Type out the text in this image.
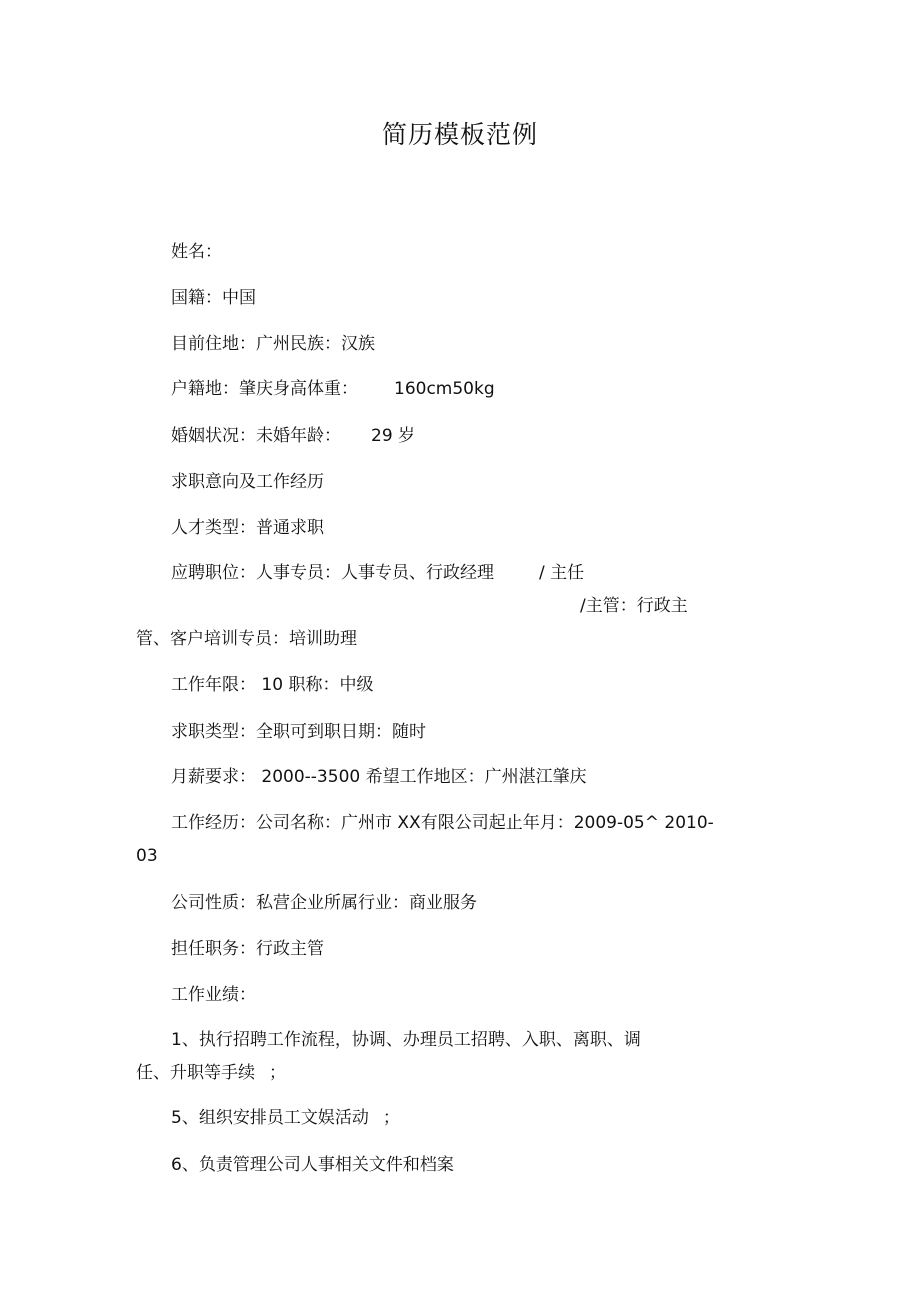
简历模板范例

姓名：

国籍：中国

目前住地：广州民族：汉族

户籍地：肇庆身高体重： 160cm50kg

婚姻状况：未婚年龄： 29 岁

求职意向及工作经历

人才类型：普通求职

应聘职位：人事专员：人事专员、行政经理	/ 主任

/主管：行政主

管、客户培训专员：培训助理

工作年限： 10 职称：中级

求职类型：全职可到职日期：随时

月薪要求： 2000--3500 希望工作地区：广州湛江肇庆

工作经历：公司名称：广州市 XX有限公司起止年月：2009-05^ 2010-

03

公司性质：私营企业所属行业：商业服务

担任职务：行政主管

工作业绩：

1、执行招聘工作流程，协调、办理员工招聘、入职、离职、调

任、升职等手续 ；

5、组织安排员工文娱活动 ；

6、负责管理公司人事相关文件和档案
